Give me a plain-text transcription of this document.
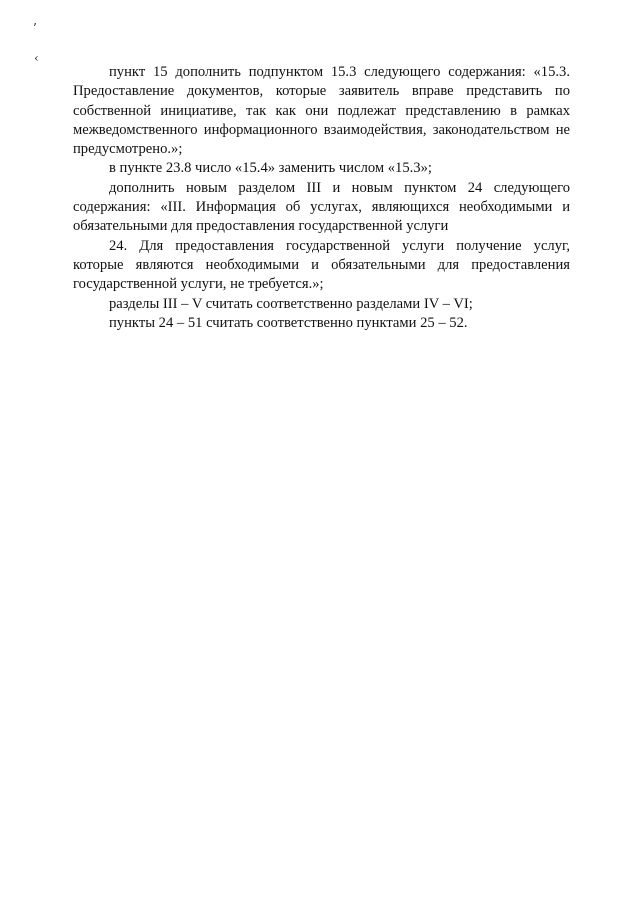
’
‹

пункт 15 дополнить подпунктом 15.3 следующего содержания: «15.3. Предоставление документов, которые заявитель вправе представить по собственной инициативе, так как они подлежат представлению в рамках межведомственного информационного взаимодействия, законодательством не предусмотрено.»;

в пункте 23.8 число «15.4» заменить числом «15.3»;

дополнить новым разделом III и новым пунктом 24 следующего содержания: «III. Информация об услугах, являющихся необходимыми и обязательными для предоставления государственной услуги

24. Для предоставления государственной услуги получение услуг, которые являются необходимыми и обязательными для предоставления государственной услуги, не требуется.»;

разделы III – V считать соответственно разделами IV – VI;

пункты 24 – 51 считать соответственно пунктами 25 – 52.
